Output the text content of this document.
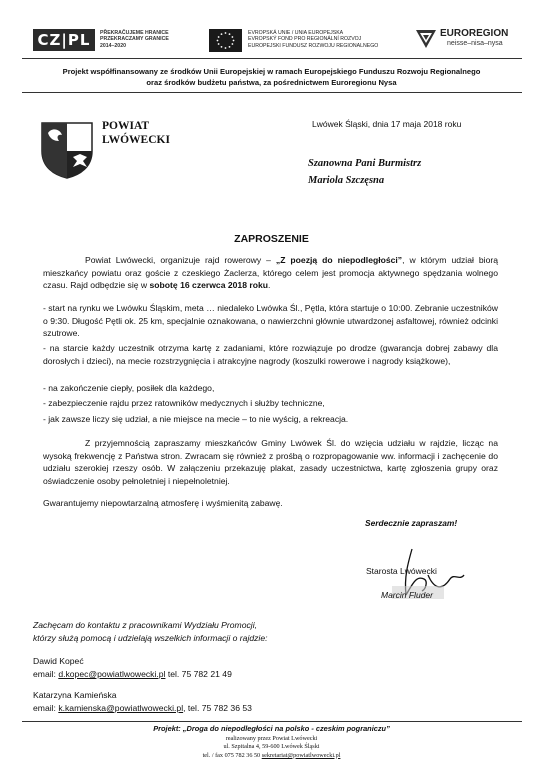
CZ|PL	PŘEKRAČUJEME HRANICE
PRZEKRACZAMY GRANICE
2014–2020
EVROPSKÁ UNIE / UNIA EUROPEJSKA
EVROPSKÝ FOND PRO REGIONÁLNÍ ROZVOJ
EUROPEJSKI FUNDUSZ ROZWOJU REGIONALNEGO
EUROREGION
neisse–nisa–nysa
Projekt współfinansowany ze środków Unii Europejskiej w ramach Europejskiego Funduszu Rozwoju Regionalnego
oraz środków budżetu państwa, za pośrednictwem Euroregionu Nysa
POWIAT
LWÓWECKI
Lwówek Śląski, dnia 17 maja 2018 roku
Szanowna Pani Burmistrz
Mariola Szczęsna
ZAPROSZENIE
Powiat Lwówecki, organizuje rajd rowerowy – „Z poezją do niepodległości”, w którym udział biorą mieszkańcy powiatu oraz goście z czeskiego Żaclerza, którego celem jest promocja aktywnego spędzania wolnego czasu. Rajd odbędzie się w sobotę 16 czerwca 2018 roku.
- start na rynku we Lwówku Śląskim, meta … niedaleko Lwówka Śl., Pętla, która startuje o 10:00. Zebranie uczestników o 9:30. Długość Pętli ok. 25 km, specjalnie oznakowana, o nawierzchni głównie utwardzonej asfaltowej, również odcinki szutrowe.
- na starcie każdy uczestnik otrzyma kartę z zadaniami, które rozwiązuje po drodze (gwarancja dobrej zabawy dla dorosłych i dzieci), na mecie rozstrzygnięcia i atrakcyjne nagrody (koszulki rowerowe i nagrody książkowe),
- na zakończenie ciepły, posiłek dla każdego,
- zabezpieczenie rajdu przez ratowników medycznych i służby techniczne,
- jak zawsze liczy się udział, a nie miejsce na mecie – to nie wyścig, a rekreacja.
Z przyjemnością zapraszamy mieszkańców Gminy Lwówek Śl. do wzięcia udziału w rajdzie, licząc na wysoką frekwencję z Państwa stron. Zwracam się również z prośbą o rozpropagowanie ww. informacji i zachęcenie do udziału szerokiej rzeszy osób. W załączeniu przekazuję plakat, zasady uczestnictwa, kartę zgłoszenia grupy oraz oświadczenie osoby pełnoletniej i niepełnoletniej.
Gwarantujemy niepowtarzalną atmosferę i wyśmienitą zabawę.
Serdecznie zapraszam!
Starosta Lwówecki
Marcin Fluder
Zachęcam do kontaktu z pracownikami Wydziału Promocji,
którzy służą pomocą i udzielają wszelkich informacji o rajdzie:
Dawid Kopeć
email: d.kopec@powiatlwowecki.pl tel. 75 782 21 49
Katarzyna Kamieńska
email: k.kamienska@powiatlwowecki.pl, tel. 75 782 36 53
Projekt: „Droga do niepodległości na polsko - czeskim pograniczu”
realizowany przez Powiat Lwówecki
ul. Szpitalna 4, 59-600 Lwówek Śląski
tel. / fax 075 782 36 50 sekretariat@powiatlwowecki.pl
